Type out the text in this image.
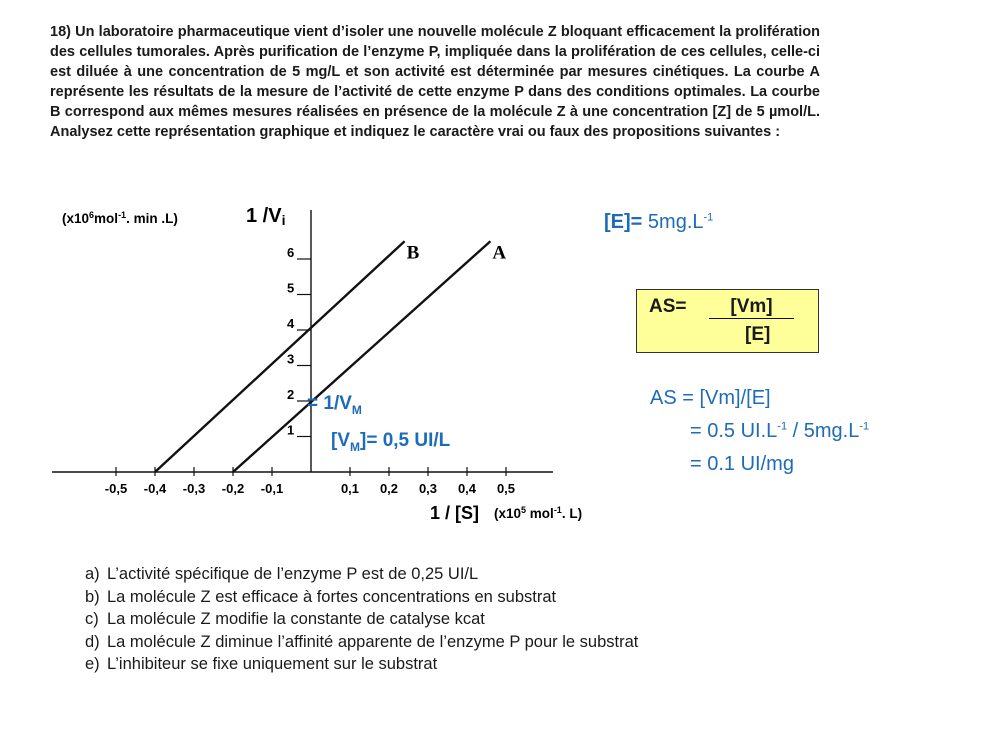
18) Un laboratoire pharmaceutique vient d’isoler une nouvelle molécule Z bloquant efficacement la prolifération des cellules tumorales. Après purification de l’enzyme P, impliquée dans la prolifération de ces cellules, celle-ci est diluée à une concentration de 5 mg/L et son activité est déterminée par mesures cinétiques. La courbe A représente les résultats de la mesure de l’activité de cette enzyme P dans des conditions optimales. La courbe B correspond aux mêmes mesures réalisées en présence de la molécule Z à une concentration [Z] de 5 µmol/L. Analysez cette représentation graphique et indiquez le caractère vrai ou faux des propositions suivantes :
($x10^6mol^{-1}$. min .L)	1 /Vi
-0,5 -0,4 -0,3 -0,2 -0,1	0,1 0,2 0,3 0,4 0,5
1
2
3
4
5
6	B	A
1 / [S] ($x10^5$ mol$^{-1}$. L)
$[E]= 5mg.L^{-1}$
AS=	[Vm]
[E]
AS = [Vm]/[E]
= 0.5 $UI.L^{-1} / 5mg.L^{-1}$
= 0.1 UI/mg
= $1/V_M$
$[V_M]= 0,5$ UI/L
a) L’activité spécifique de l’enzyme P est de 0,25 UI/L
b) La molécule Z est efficace à fortes concentrations en substrat
c) La molécule Z modifie la constante de catalyse kcat
d) La molécule Z diminue l’affinité apparente de l’enzyme P pour le substrat
e) L’inhibiteur se fixe uniquement sur le substrat
